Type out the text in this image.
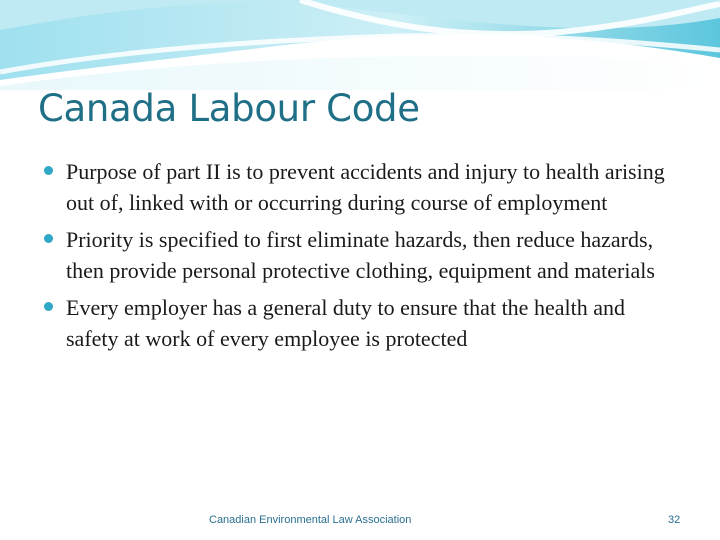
Canada Labour Code
Purpose of part II is to prevent accidents and injury to health arising out of, linked with or occurring during course of employment
Priority is specified to first eliminate hazards, then reduce hazards, then provide personal protective clothing, equipment and materials
Every employer has a general duty to ensure that the health and safety at work of every employee is protected
Canadian Environmental Law Association	32
